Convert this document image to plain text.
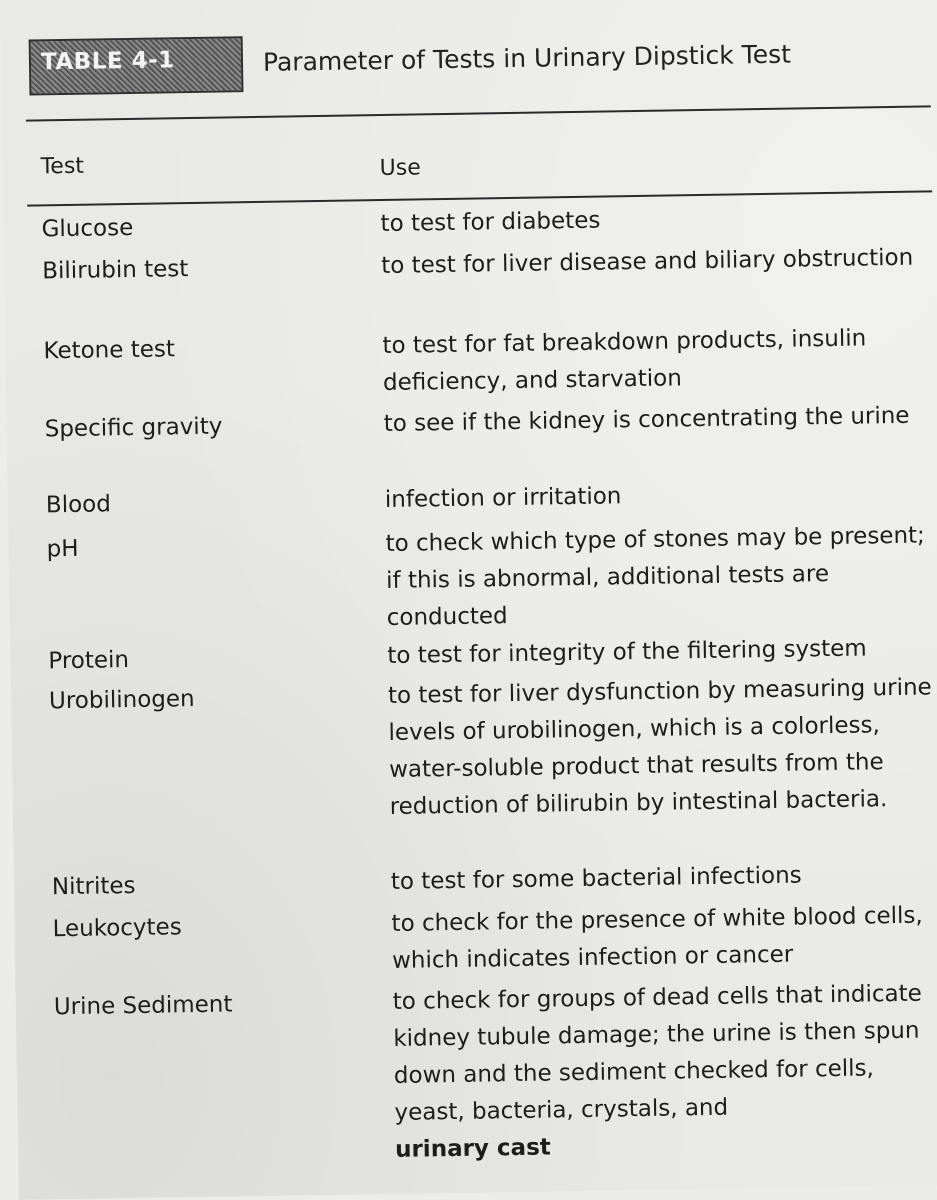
TABLE 4-1	Parameter of Tests in Urinary Dipstick Test
Test	Use
Glucose	to test for diabetes
Bilirubin test	to test for liver disease and biliary obstruction
Ketone test	to test for fat breakdown products, insulin deficiency, and starvation
Specific gravity	to see if the kidney is concentrating the urine
Blood	infection or irritation
pH	to check which type of stones may be present; if this is abnormal, additional tests are conducted
Protein	to test for integrity of the filtering system
Urobilinogen	to test for liver dysfunction by measuring urine levels of urobilinogen, which is a colorless, water-soluble product that results from the reduction of bilirubin by intestinal bacteria.
Nitrites	to test for some bacterial infections
Leukocytes	to check for the presence of white blood cells, which indicates infection or cancer
Urine Sediment	to check for groups of dead cells that indicate kidney tubule damage; the urine is then spun down and the sediment checked for cells, yeast, bacteria, crystals, and
urinary cast
